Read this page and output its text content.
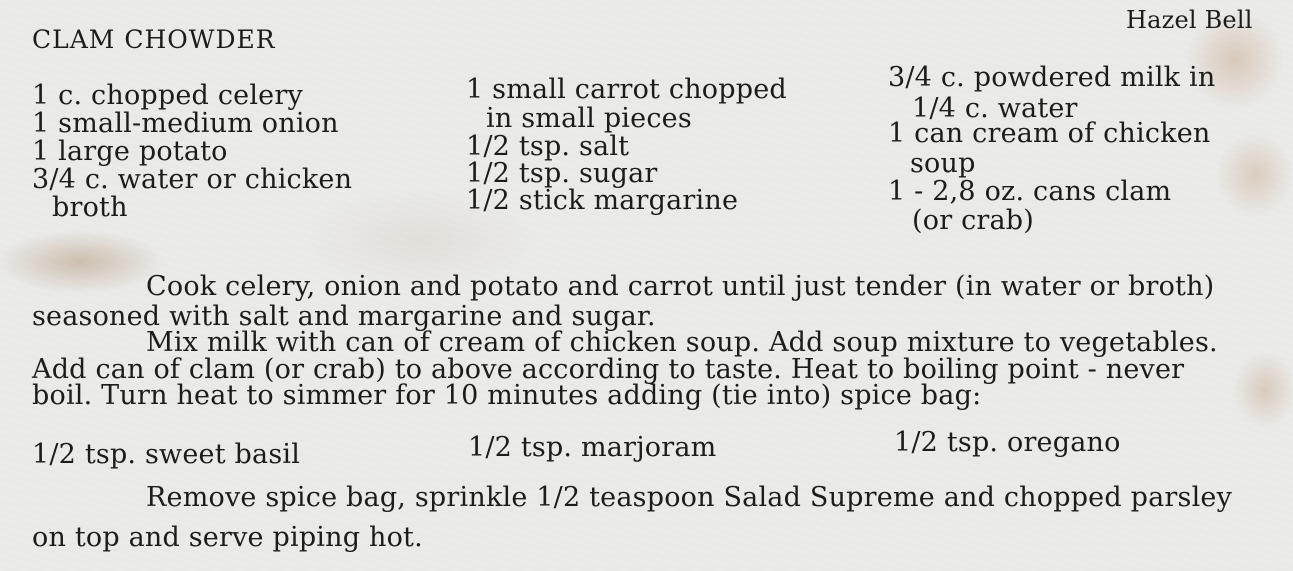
CLAM CHOWDER
Hazel Bell
1 c. chopped celery
1 small-medium onion
1 large potato
3/4 c. water or chicken
broth
1 small carrot chopped
in small pieces
1/2 tsp. salt
1/2 tsp. sugar
1/2 stick margarine
3/4 c. powdered milk in
1/4 c. water
1 can cream of chicken
soup
1 - 2,8 oz. cans clam
(or crab)
Cook celery, onion and potato and carrot until just tender (in water or broth)
seasoned with salt and margarine and sugar.
Mix milk with can of cream of chicken soup. Add soup mixture to vegetables.
Add can of clam (or crab) to above according to taste. Heat to boiling point - never
boil. Turn heat to simmer for 10 minutes adding (tie into) spice bag:
1/2 tsp. sweet basil	1/2 tsp. marjoram	1/2 tsp. oregano
Remove spice bag, sprinkle 1/2 teaspoon Salad Supreme and chopped parsley
on top and serve piping hot.
